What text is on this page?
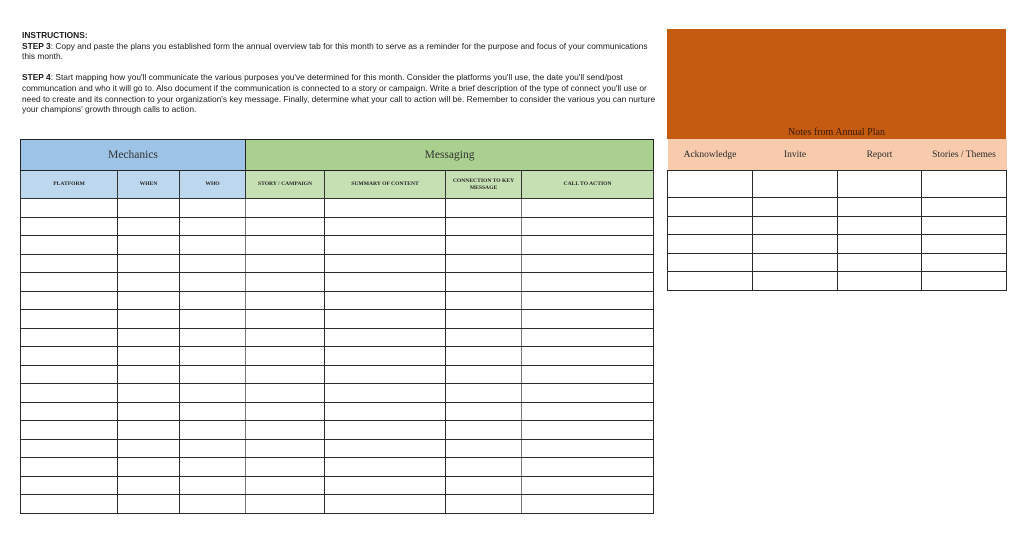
INSTRUCTIONS:

STEP 3: Copy and paste the plans you established form the annual overview tab for this month to serve as a reminder for the purpose and focus of your communications this month.

STEP 4: Start mapping how you'll communicate the various purposes you've determined for this month. Consider the platforms you'll use, the date you'll send/post communcation and who it will go to. Also document if the communication is connected to a story or campaign. Write a brief description of the type of connect you'll use or need to create and its connection to your organization's key message. Finally, determine what your call to action will be. Remember to consider the various you can nurture your champions' growth through calls to action.

Mechanics			Messaging			
PLATFORM	WHEN	WHO	STORY / CAMPAIGN	SUMMARY OF CONTENT	CONNECTION TO KEY MESSAGE	CALL TO ACTION

Notes from Annual Plan
Acknowledge	Invite	Report	Stories / Themes
